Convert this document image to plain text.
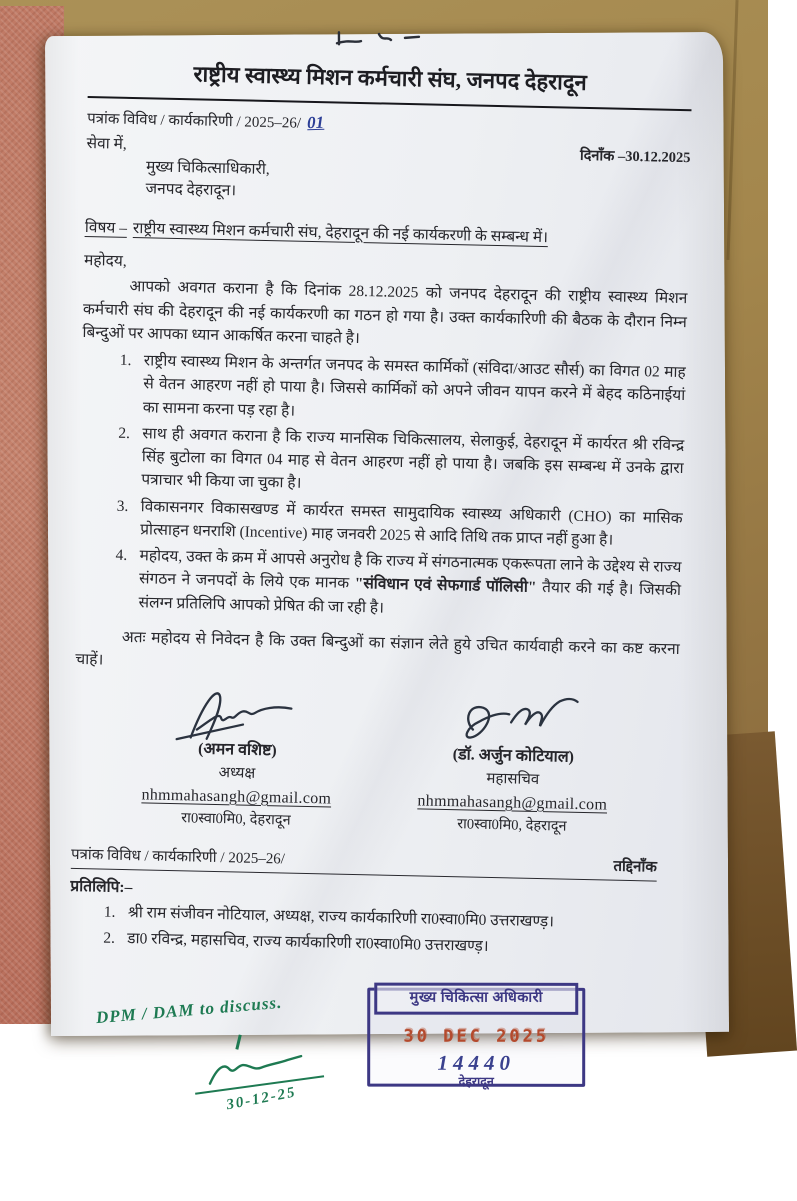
राष्ट्रीय स्वास्थ्य मिशन कर्मचारी संघ, जनपद देहरादून
पत्रांक विविध / कार्यकारिणी / 2025–26/ 01
सेवा में,
मुख्य चिकित्साधिकारी,
जनपद देहरादून।
दिनाँक –30.12.2025
विषय – राष्ट्रीय स्वास्थ्य मिशन कर्मचारी संघ, देहरादून की नई कार्यकरणी के सम्बन्ध में।
महोदय,

आपको अवगत कराना है कि दिनांक 28.12.2025 को जनपद देहरादून की राष्ट्रीय स्वास्थ्य मिशन कर्मचारी संघ की देहरादून की नई कार्यकरणी का गठन हो गया है। उक्त कार्यकारिणी की बैठक के दौरान निम्न बिन्दुओं पर आपका ध्यान आकर्षित करना चाहते है।

1. राष्ट्रीय स्वास्थ्य मिशन के अन्तर्गत जनपद के समस्त कार्मिकों (संविदा/आउट सौर्स) का विगत 02 माह से वेतन आहरण नहीं हो पाया है। जिससे कार्मिकों को अपने जीवन यापन करने में बेहद कठिनाईयां का सामना करना पड़ रहा है।
2. साथ ही अवगत कराना है कि राज्य मानसिक चिकित्सालय, सेलाकुई, देहरादून में कार्यरत श्री रविन्द्र सिंह बुटोला का विगत 04 माह से वेतन आहरण नहीं हो पाया है। जबकि इस सम्बन्ध में उनके द्वारा पत्राचार भी किया जा चुका है।
3. विकासनगर विकासखण्ड में कार्यरत समस्त सामुदायिक स्वास्थ्य अधिकारी (CHO) का मासिक प्रोत्साहन धनराशि (Incentive) माह जनवरी 2025 से आदि तिथि तक प्राप्त नहीं हुआ है।
4. महोदय, उक्त के क्रम में आपसे अनुरोध है कि राज्य में संगठनात्मक एकरूपता लाने के उद्देश्य से राज्य संगठन ने जनपदों के लिये एक मानक "संविधान एवं सेफगार्ड पॉलिसी" तैयार की गई है। जिसकी संलग्न प्रतिलिपि आपको प्रेषित की जा रही है।

अतः महोदय से निवेदन है कि उक्त बिन्दुओं का संज्ञान लेते हुये उचित कार्यवाही करने का कष्ट करना चाहें।

(अमन वशिष्ट)
अध्यक्ष
nhmmahasangh@gmail.com
रा0स्वा0मि0, देहरादून
(डॉ. अर्जुन कोटियाल)
महासचिव
nhmmahasangh@gmail.com
रा0स्वा0मि0, देहरादून
पत्रांक विविध / कार्यकारिणी / 2025–26/	तद्दिनाँक
प्रतिलिपि:–
1. श्री राम संजीवन नोटियाल, अध्यक्ष, राज्य कार्यकारिणी रा0स्वा0मि0 उत्तराखण्ड़।
2. डा0 रविन्द्र, महासचिव, राज्य कार्यकारिणी रा0स्वा0मि0 उत्तराखण्ड़।
DPM / DAM to discuss.
30-12-25
मुख्य चिकित्सा अधिकारी
30 DEC 2025
14440
देहरादून
